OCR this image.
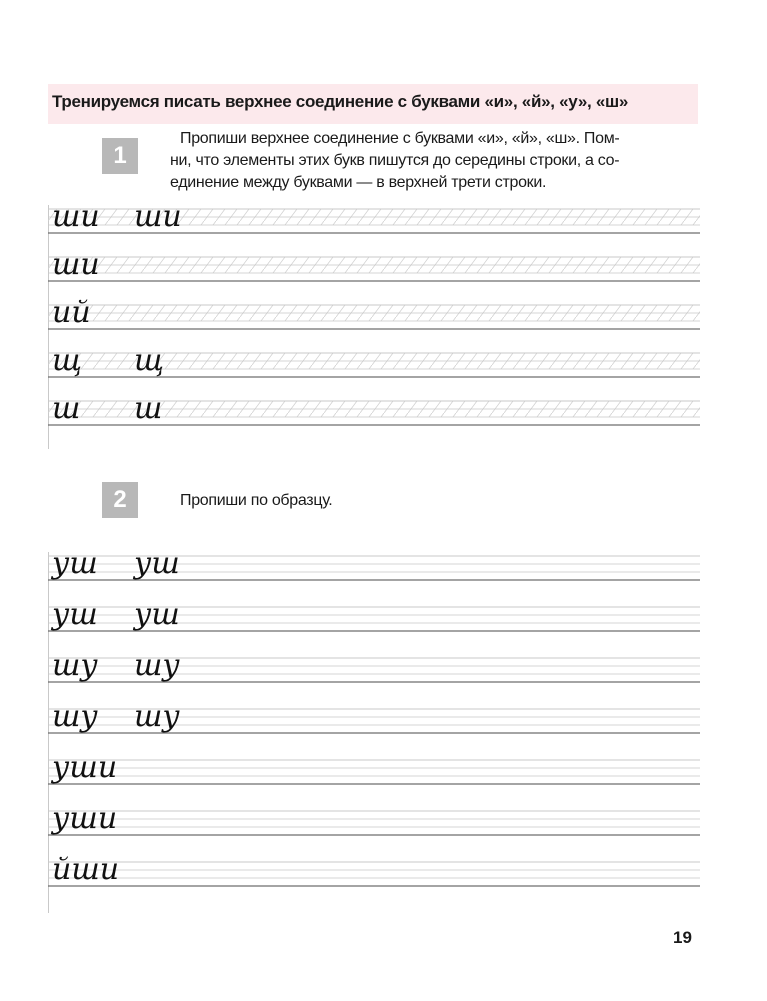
Тренируемся писать верхнее соединение с буквами «и», «й», «у», «ш»
1
Пропиши верхнее соединение с буквами «и», «й», «ш». Пом-
ни, что элементы этих букв пишутся до середины строки, а со-
единение между буквами — в верхней трети строки.
ши ши
ши
ий
щ щ
ш ш
2	Пропиши по образцу.
уш уш
уш уш
шу шу
шу шу
уши
уши
йши
19
